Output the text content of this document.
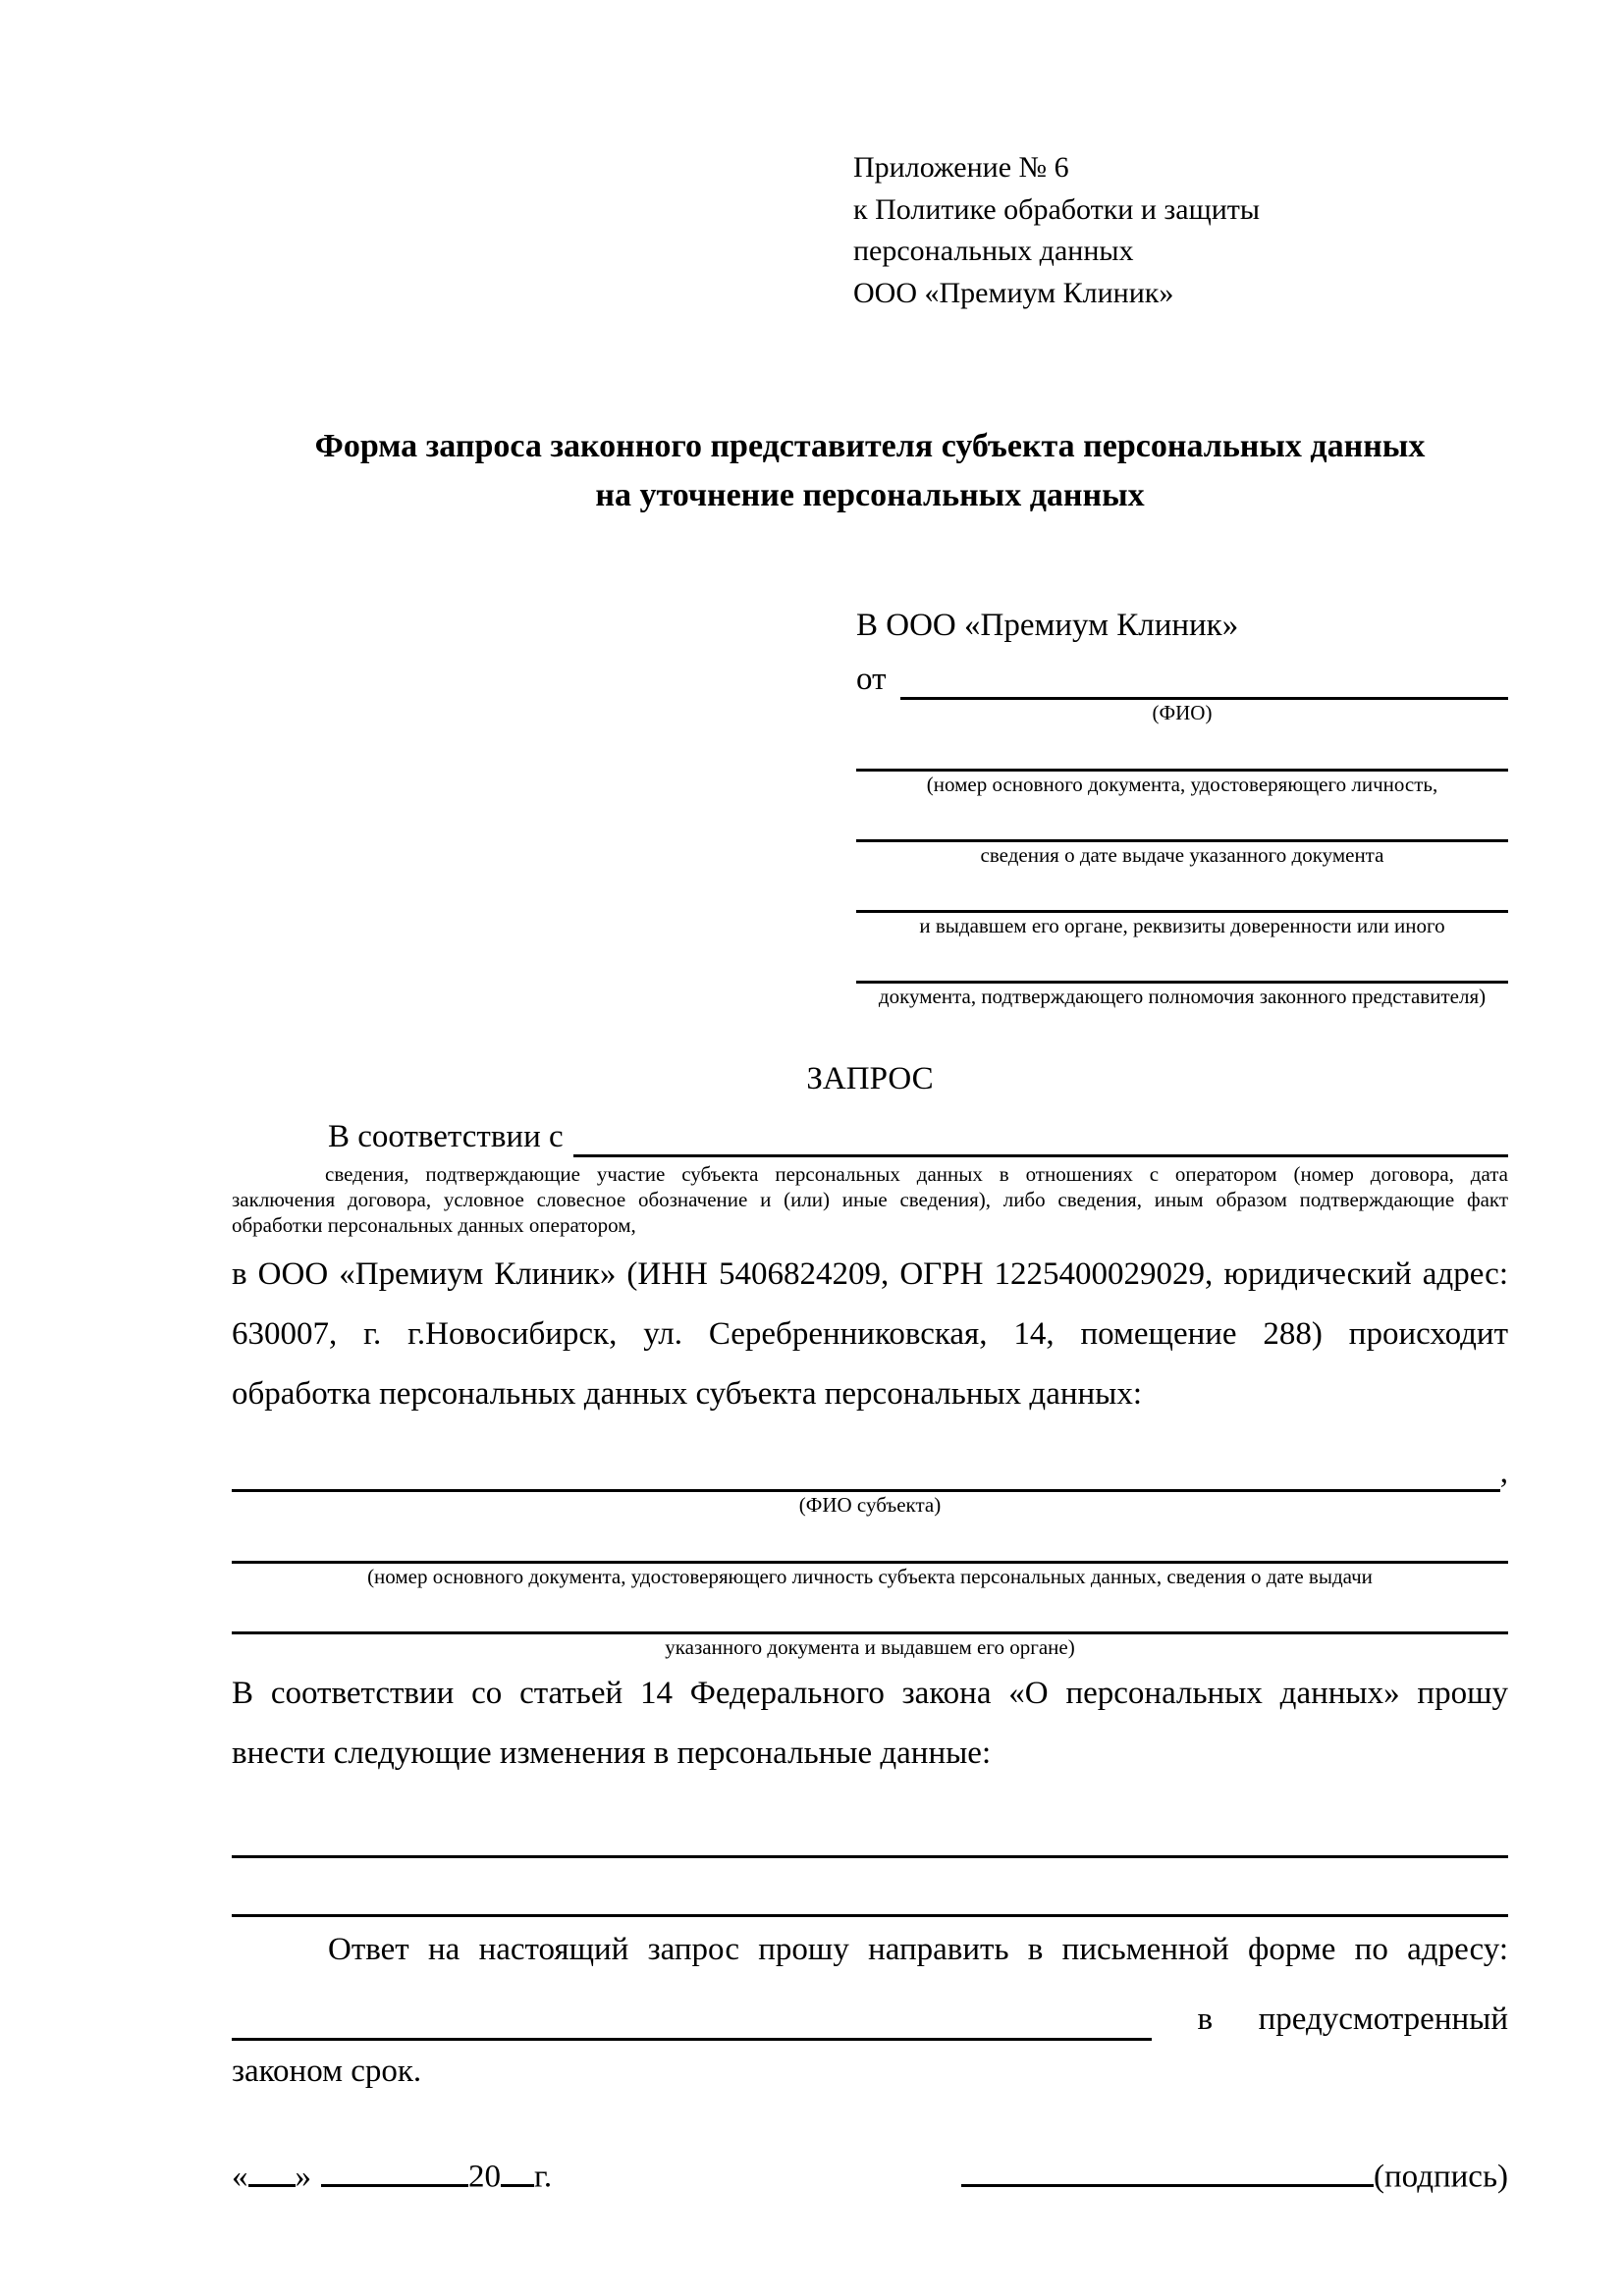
Приложение № 6
к Политике обработки и защиты
персональных данных
ООО «Премиум Клиник»
Форма запроса законного представителя субъекта персональных данных
на уточнение персональных данных
В ООО «Премиум Клиник»
от
(ФИО)
(номер основного документа, удостоверяющего личность,
сведения о дате выдаче указанного документа
и выдавшем его органе, реквизиты доверенности или иного
документа, подтверждающего полномочия законного представителя)
ЗАПРОС
В соответствии с
сведения, подтверждающие участие субъекта персональных данных в отношениях с оператором (номер договора, дата
заключения договора, условное словесное обозначение и (или) иные сведения), либо сведения, иным образом подтверждающие факт
обработки персональных данных оператором,
в ООО «Премиум Клиник» (ИНН 5406824209, ОГРН 1225400029029, юридический адрес:
630007, г. г.Новосибирск, ул. Серебренниковская, 14, помещение 288) происходит
обработка персональных данных субъекта персональных данных:
,
(ФИО субъекта)
(номер основного документа, удостоверяющего личность субъекта персональных данных, сведения о дате выдачи
указанного документа и выдавшем его органе)
В соответствии со статьей 14 Федерального закона «О персональных данных» прошу
внести следующие изменения в персональные данные:
Ответ на настоящий запрос прошу направить в письменной форме по адресу:
в предусмотренный
законом срок.
« »	20 г.	(подпись)
